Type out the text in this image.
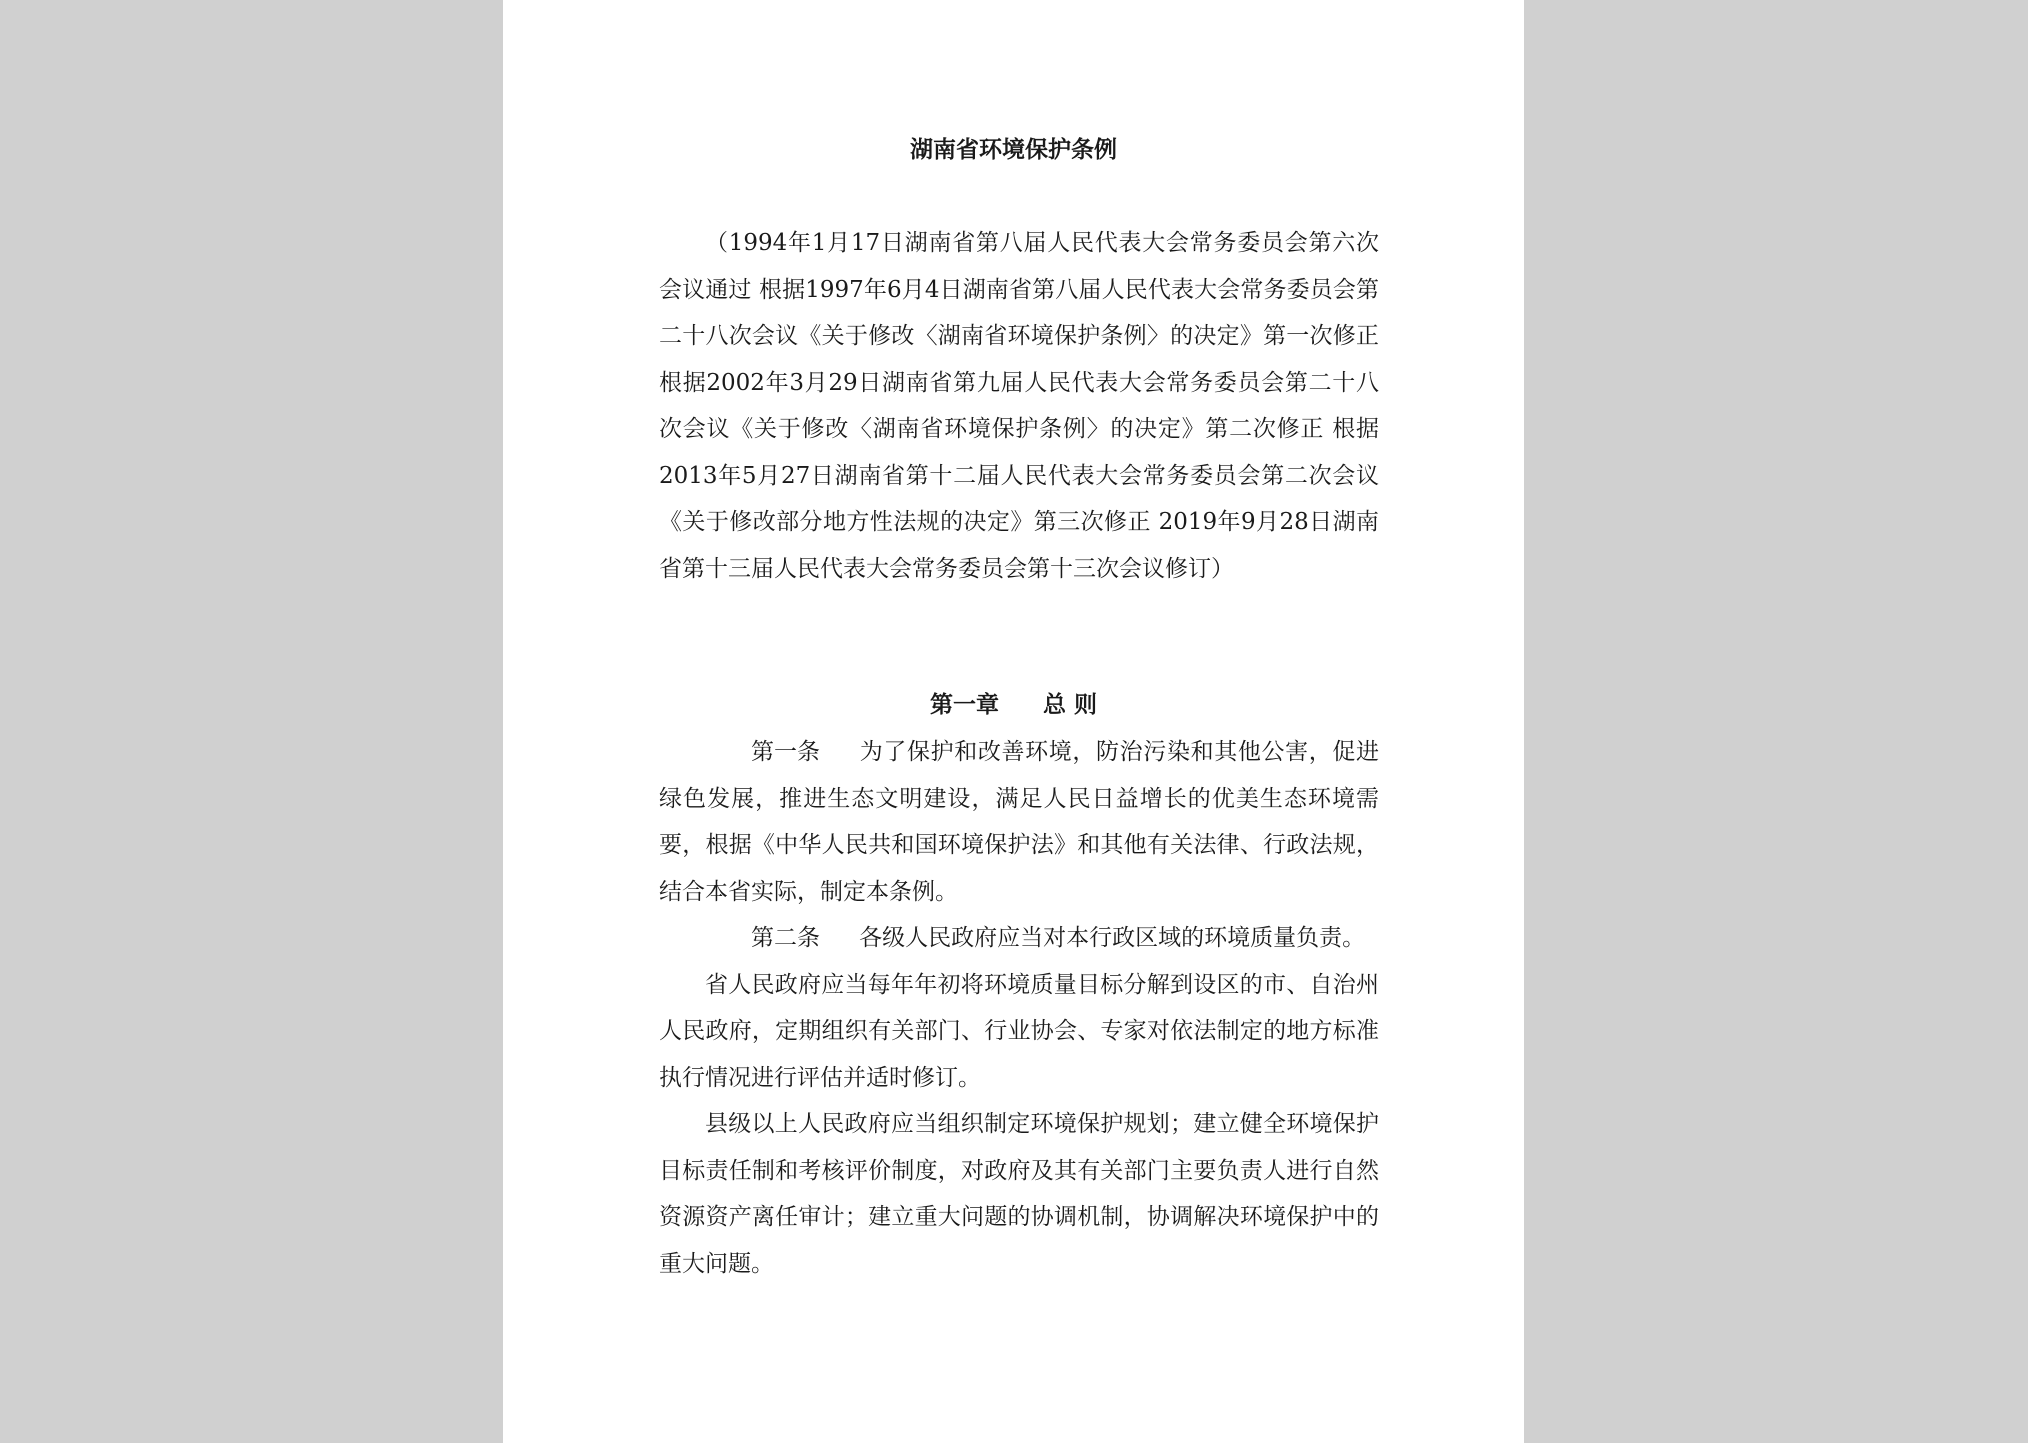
湖南省环境保护条例

（1994年1月17日湖南省第八届人民代表大会常务委员会第六次会议通过 根据1997年6月4日湖南省第八届人民代表大会常务委员会第二十八次会议《关于修改〈湖南省环境保护条例〉的决定》第一次修正 根据2002年3月29日湖南省第九届人民代表大会常务委员会第二十八次会议《关于修改〈湖南省环境保护条例〉的决定》第二次修正 根据2013年5月27日湖南省第十二届人民代表大会常务委员会第二次会议《关于修改部分地方性法规的决定》第三次修正 2019年9月28日湖南省第十三届人民代表大会常务委员会第十三次会议修订）

第一章 总 则

第一条 为了保护和改善环境，防治污染和其他公害，促进绿色发展，推进生态文明建设，满足人民日益增长的优美生态环境需要，根据《中华人民共和国环境保护法》和其他有关法律、行政法规，结合本省实际，制定本条例。

第二条 各级人民政府应当对本行政区域的环境质量负责。

省人民政府应当每年年初将环境质量目标分解到设区的市、自治州人民政府，定期组织有关部门、行业协会、专家对依法制定的地方标准执行情况进行评估并适时修订。

县级以上人民政府应当组织制定环境保护规划；建立健全环境保护目标责任制和考核评价制度，对政府及其有关部门主要负责人进行自然资源资产离任审计；建立重大问题的协调机制，协调解决环境保护中的重大问题。
